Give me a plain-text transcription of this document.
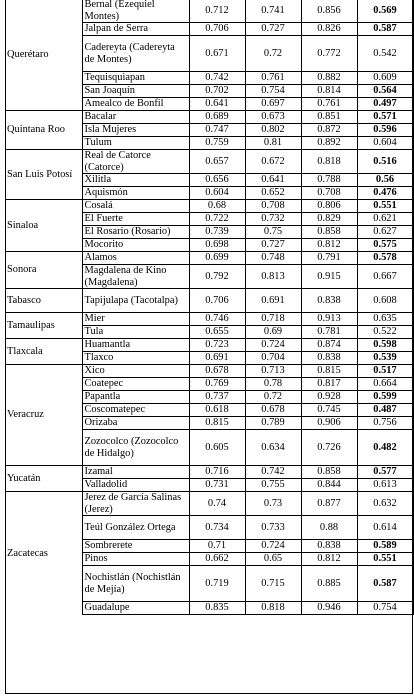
Querétaro	Bernal (Ezequiel Montes)	0.712	0.741	0.856	0.569
	Jalpan de Serra	0.706	0.727	0.826	0.587
	Cadereyta (Cadereyta de Montes)	0.671	0.72	0.772	0.542
	Tequisquiapan	0.742	0.761	0.882	0.609
	San Joaquín	0.702	0.754	0.814	0.564
	Amealco de Bonfil	0.641	0.697	0.761	0.497
Quintana Roo	Bacalar	0.689	0.673	0.851	0.571
	Isla Mujeres	0.747	0.802	0.872	0.596
	Tulum	0.759	0.81	0.892	0.604
San Luis Potosí	Real de Catorce (Catorce)	0.657	0.672	0.818	0.516
	Xilitla	0.656	0.641	0.788	0.56
	Aquismón	0.604	0.652	0.708	0.476
Sinaloa	Cosalá	0.68	0.708	0.806	0.551
	El Fuerte	0.722	0.732	0.829	0.621
	El Rosario (Rosario)	0.739	0.75	0.858	0.627
	Mocorito	0.698	0.727	0.812	0.575
Sonora	Álamos	0.699	0.748	0.791	0.578
	Magdalena de Kino (Magdalena)	0.792	0.813	0.915	0.667
Tabasco	Tapijulapa (Tacotalpa)	0.706	0.691	0.838	0.608
Tamaulipas	Mier	0.746	0.718	0.913	0.635
	Tula	0.655	0.69	0.781	0.522
Tlaxcala	Huamantla	0.723	0.724	0.874	0.598
	Tlaxco	0.691	0.704	0.838	0.539
Veracruz	Xico	0.678	0.713	0.815	0.517
	Coatepec	0.769	0.78	0.817	0.664
	Papantla	0.737	0.72	0.928	0.599
	Coscomatepec	0.618	0.678	0.745	0.487
	Orizaba	0.815	0.789	0.906	0.756
	Zozocolco (Zozocolco de Hidalgo)	0.605	0.634	0.726	0.482
Yucatán	Izamal	0.716	0.742	0.858	0.577
	Valladolid	0.731	0.755	0.844	0.613
Zacatecas	Jerez de García Salinas (Jerez)	0.74	0.73	0.877	0.632
	Teúl González Ortega	0.734	0.733	0.88	0.614
	Sombrerete	0.71	0.724	0.838	0.589
	Pinos	0.662	0.65	0.812	0.551
	Nochistlán (Nochistlán de Mejía)	0.719	0.715	0.885	0.587
	Guadalupe	0.835	0.818	0.946	0.754
